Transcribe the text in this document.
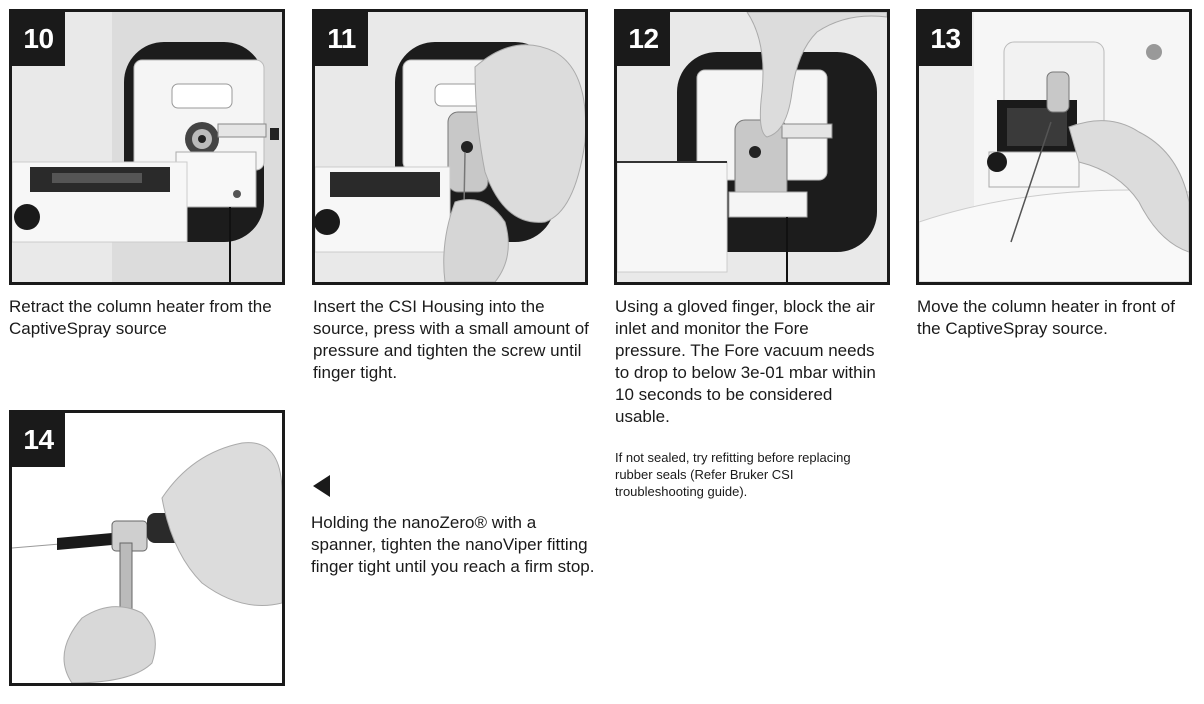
10

Retract the column heater from the CaptiveSpray source

11

Insert the CSI Housing into the source, press with a small amount of pressure and tighten the screw until finger tight.

12

Using a gloved finger, block the air inlet and monitor the Fore pressure. The Fore vacuum needs to drop to below 3e-01 mbar within 10 seconds to be considered usable.

If not sealed, try refitting before replacing rubber seals (Refer Bruker CSI troubleshooting guide).

13

Move the column heater in front of the CaptiveSpray source.

14

Holding the nanoZero® with a spanner, tighten the nanoViper fitting finger tight until you reach a firm stop.
